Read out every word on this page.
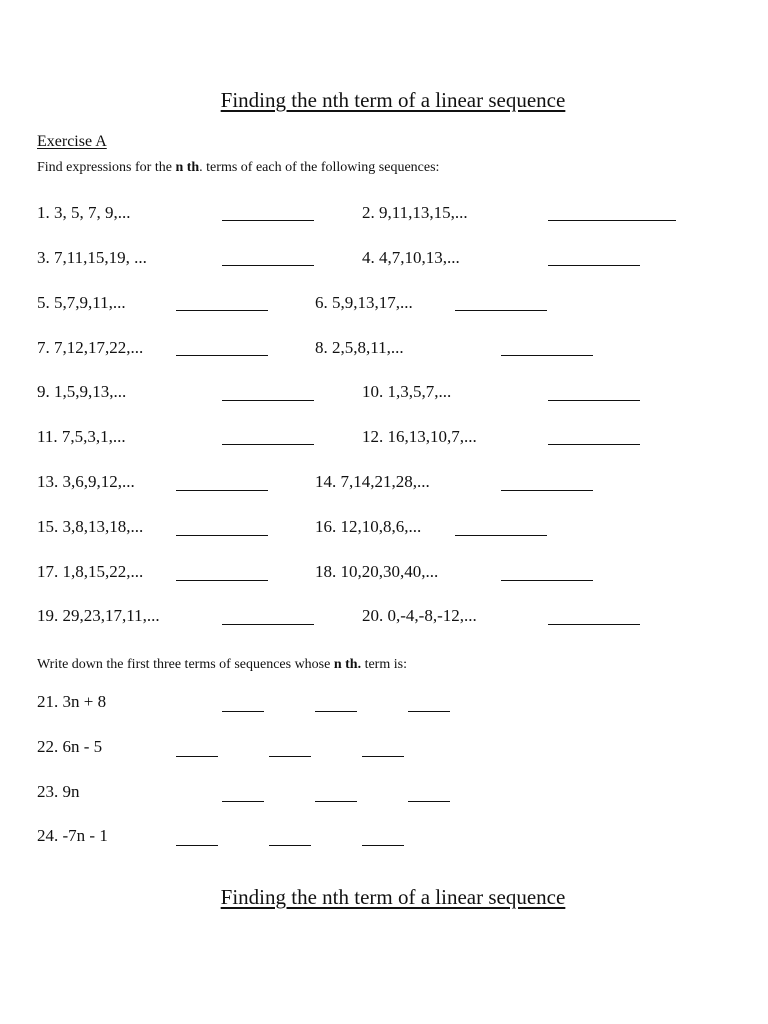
Finding the nth term of a linear sequence
Exercise A
Find expressions for the n th. terms of each of the following sequences:
1. 3, 5, 7, 9,...	2. 9,11,13,15,...
3. 7,11,15,19, ...	4. 4,7,10,13,...
5. 5,7,9,11,...	6. 5,9,13,17,...
7. 7,12,17,22,...	8. 2,5,8,11,...
9. 1,5,9,13,...	10. 1,3,5,7,...
11. 7,5,3,1,...	12. 16,13,10,7,...
13. 3,6,9,12,...	14. 7,14,21,28,...
15. 3,8,13,18,...	16. 12,10,8,6,...
17. 1,8,15,22,...	18. 10,20,30,40,...
19. 29,23,17,11,...	20. 0,-4,-8,-12,...
Write down the first three terms of sequences whose n th. term is:
21. 3n + 8
22. 6n - 5
23. 9n
24. -7n - 1
Finding the nth term of a linear sequence
